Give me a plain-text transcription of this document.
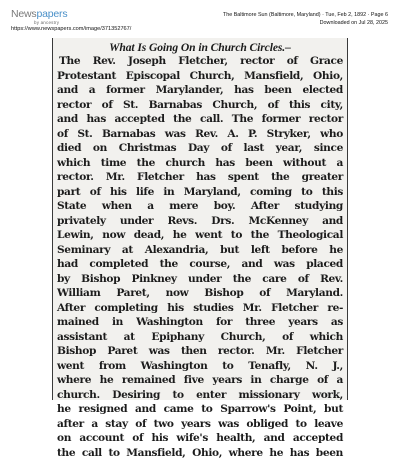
Newspapers
by ancestry
https://www.newspapers.com/image/371352767/
The Baltimore Sun (Baltimore, Maryland) · Tue, Feb 2, 1892 · Page 6
Downloaded on Jul 28, 2025
What Is Going On in Church Circles.–
The Rev. Joseph Fletcher, rector of Grace
Protestant Episcopal Church, Mansfield, Ohio,
and a former Marylander, has been elected
rector of St. Barnabas Church, of this city,
and has accepted the call. The former rector
of St. Barnabas was Rev. A. P. Stryker, who
died on Christmas Day of last year, since
which time the church has been without a
rector. Mr. Fletcher has spent the greater
part of his life in Maryland, coming to this
State when a mere boy. After studying
privately under Revs. Drs. McKenney and
Lewin, now dead, he went to the Theological
Seminary at Alexandria, but left before he
had completed the course, and was placed
by Bishop Pinkney under the care of Rev.
William Paret, now Bishop of Maryland.
After completing his studies Mr. Fletcher re-
mained in Washington for three years as
assistant at Epiphany Church, of which
Bishop Paret was then rector. Mr. Fletcher
went from Washington to Tenafly, N. J.,
where he remained five years in charge of a
church. Desiring to enter missionary work,
he resigned and came to Sparrow's Point, but
after a stay of two years was obliged to leave
on account of his wife's health, and accepted
the call to Mansfield, Ohio, where he has been
